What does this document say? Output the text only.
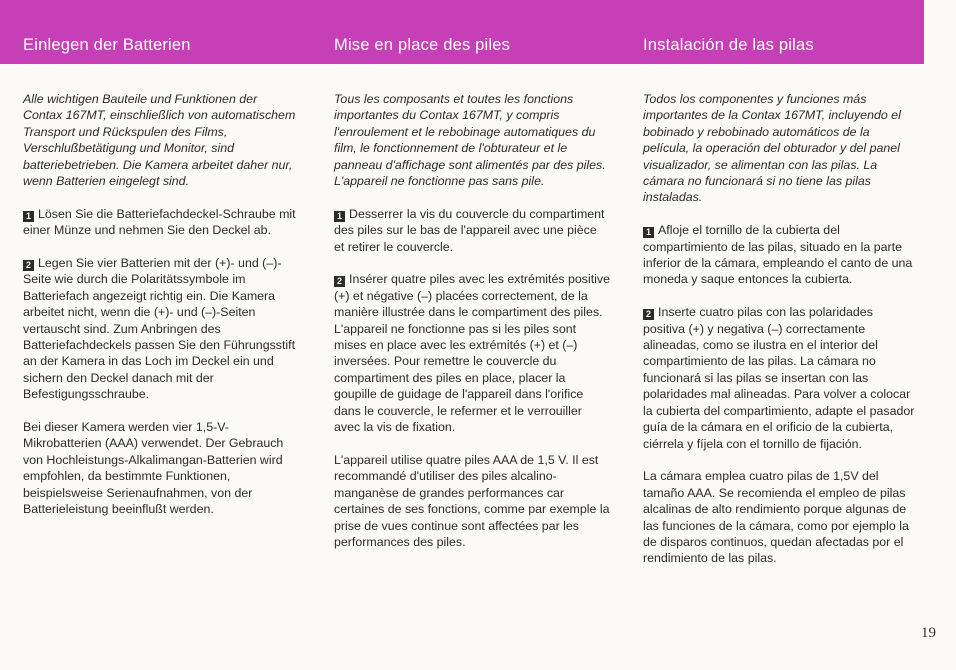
Einlegen der Batterien	Mise en place des piles	Instalación de las pilas

Alle wichtigen Bauteile und Funktionen der Contax 167MT, einschließlich von automatischem Transport und Rückspulen des Films, Verschlußbetätigung und Monitor, sind batteriebetrieben. Die Kamera arbeitet daher nur, wenn Batterien eingelegt sind.

1 Lösen Sie die Batteriefachdeckel-Schraube mit einer Münze und nehmen Sie den Deckel ab.

2 Legen Sie vier Batterien mit der (+)- und (–)-Seite wie durch die Polaritätssymbole im Batteriefach angezeigt richtig ein. Die Kamera arbeitet nicht, wenn die (+)- und (–)-Seiten vertauscht sind. Zum Anbringen des Batteriefachdeckels passen Sie den Führungsstift an der Kamera in das Loch im Deckel ein und sichern den Deckel danach mit der Befestigungsschraube.

Bei dieser Kamera werden vier 1,5-V-Mikrobatterien (AAA) verwendet. Der Gebrauch von Hochleistungs-Alkalimangan-Batterien wird empfohlen, da bestimmte Funktionen, beispielsweise Serienaufnahmen, von der Batterieleistung beeinflußt werden.

Tous les composants et toutes les fonctions importantes du Contax 167MT, y compris l'enroulement et le rebobinage automatiques du film, le fonctionnement de l'obturateur et le panneau d'affichage sont alimentés par des piles. L'appareil ne fonctionne pas sans pile.

1 Desserrer la vis du couvercle du compartiment des piles sur le bas de l'appareil avec une pièce et retirer le couvercle.

2 Insérer quatre piles avec les extrémités positive (+) et négative (–) placées correctement, de la manière illustrée dans le compartiment des piles. L'appareil ne fonctionne pas si les piles sont mises en place avec les extrémités (+) et (–) inversées. Pour remettre le couvercle du compartiment des piles en place, placer la goupille de guidage de l'appareil dans l'orifice dans le couvercle, le refermer et le verrouiller avec la vis de fixation.

L'appareil utilise quatre piles AAA de 1,5 V. Il est recommandé d'utiliser des piles alcalino-manganèse de grandes performances car certaines de ses fonctions, comme par exemple la prise de vues continue sont affectées par les performances des piles.

Todos los componentes y funciones más importantes de la Contax 167MT, incluyendo el bobinado y rebobinado automáticos de la película, la operación del obturador y del panel visualizador, se alimentan con las pilas. La cámara no funcionará si no tiene las pilas instaladas.

1 Afloje el tornillo de la cubierta del compartimiento de las pilas, situado en la parte inferior de la cámara, empleando el canto de una moneda y saque entonces la cubierta.

2 Inserte cuatro pilas con las polaridades positiva (+) y negativa (–) correctamente alineadas, como se ilustra en el interior del compartimiento de las pilas. La cámara no funcionará si las pilas se insertan con las polaridades mal alineadas. Para volver a colocar la cubierta del compartimiento, adapte el pasador guía de la cámara en el orificio de la cubierta, ciérrela y fíjela con el tornillo de fijación.

La cámara emplea cuatro pilas de 1,5V del tamaño AAA. Se recomienda el empleo de pilas alcalinas de alto rendimiento porque algunas de las funciones de la cámara, como por ejemplo la de disparos continuos, quedan afectadas por el rendimiento de las pilas.

19
